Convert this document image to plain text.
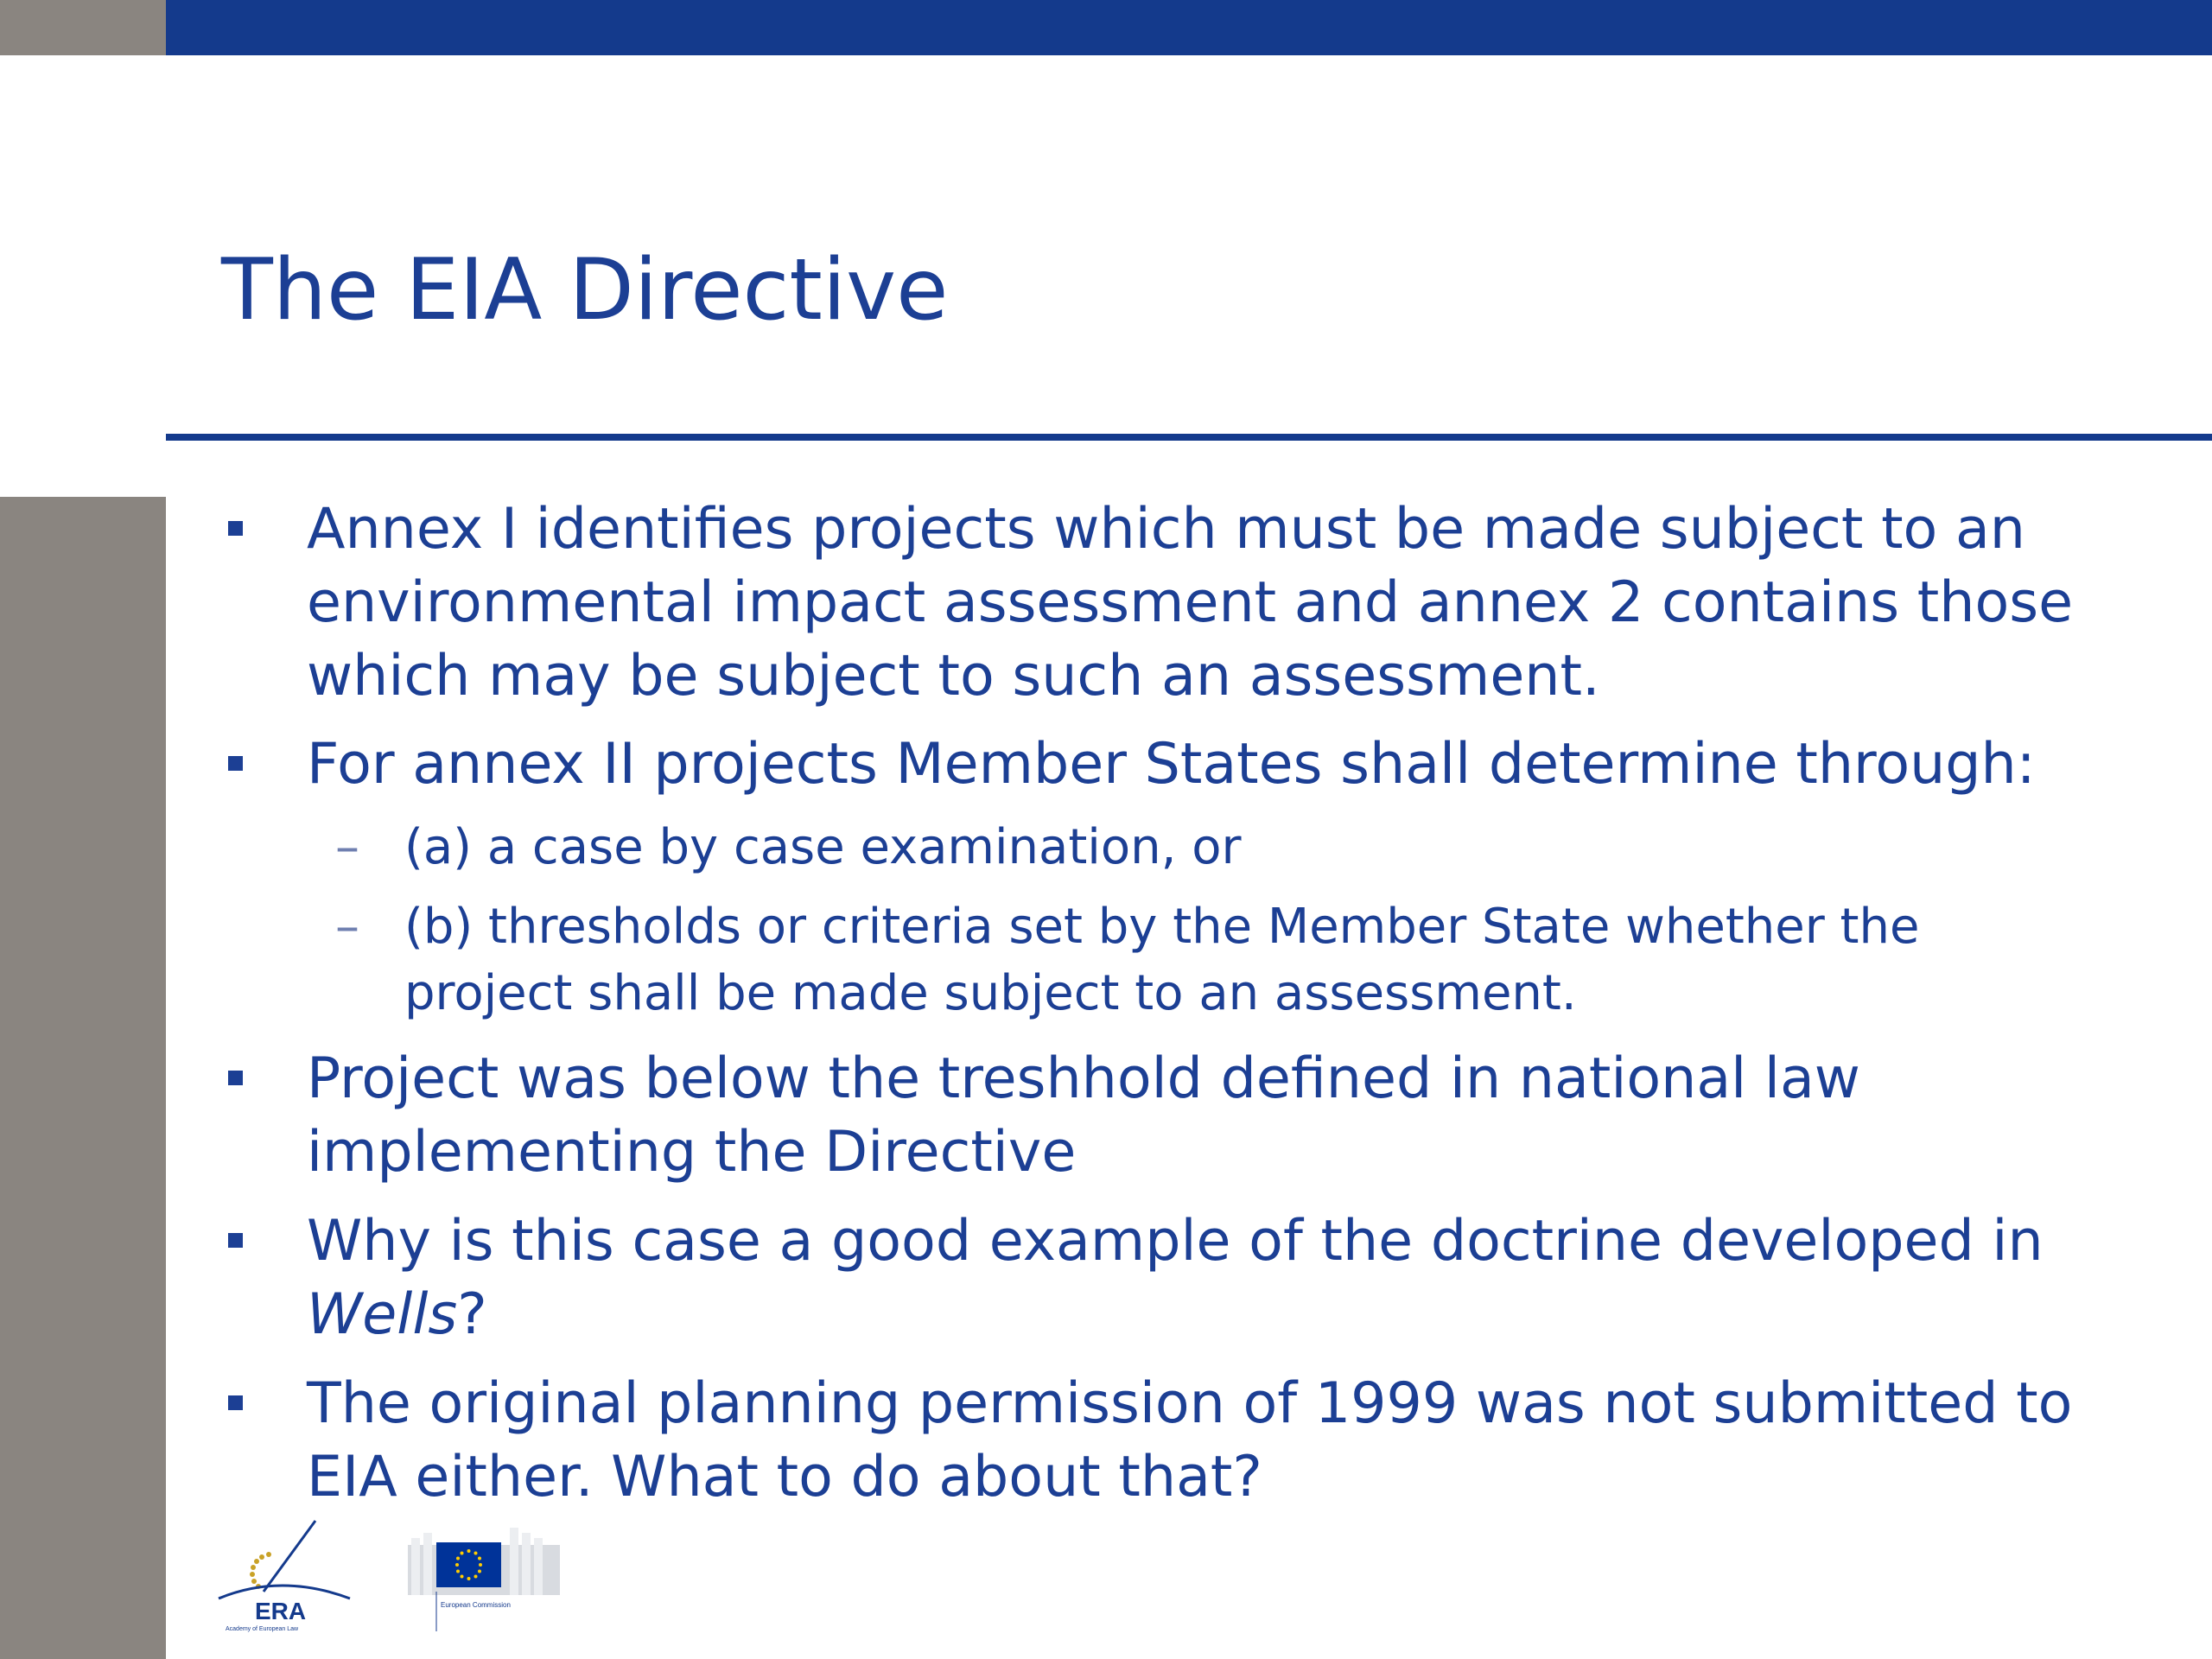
The EIA Directive
Annex I identifies projects which must be made subject to an environmental impact assessment and annex 2 contains those which may be subject to such an assessment.
For annex II projects Member States shall determine through:
– (a) a case by case examination, or
– (b) thresholds or criteria set by the Member State whether the project shall be made subject to an assessment.
Project was below the treshhold defined in national law implementing the Directive
Why is this case a good example of the doctrine developed in Wells?
The original planning permission of 1999 was not submitted to EIA either. What to do about that?
ERA
Academy of European Law
European Commission
